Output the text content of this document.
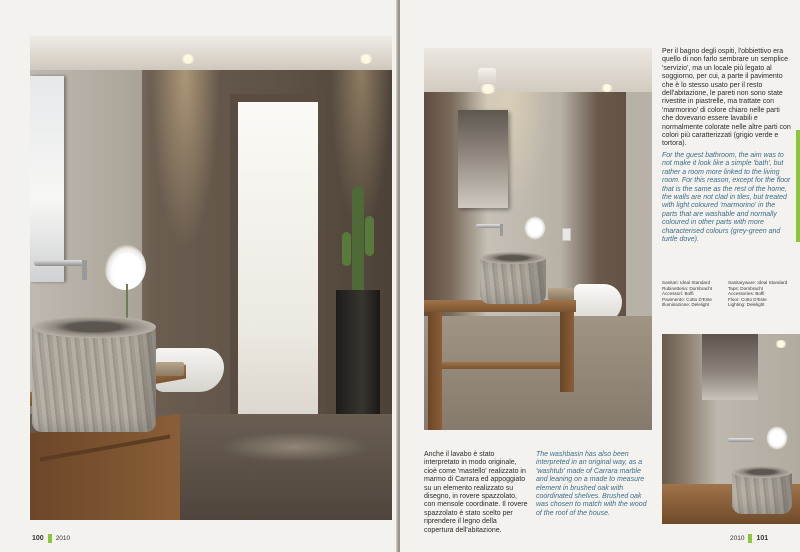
100 2010
Per il bagno degli ospiti, l'obbiettivo era quello di non farlo sembrare un semplice 'servizio', ma un locale più legato al soggiorno, per cui, a parte il pavimento che è lo stesso usato per il resto dell'abitazione, le pareti non sono state rivestite in piastrelle, ma trattate con 'marmorino' di colore chiaro nelle parti che dovevano essere lavabili e normalmente colorate nelle altre parti con colori più caratterizzati (grigio verde e tortora).
For the guest bathroom, the aim was to not make it look like a simple 'bath', but rather a room more linked to the living room. For this reason, except for the floor that is the same as the rest of the home, the walls are not clad in tiles, but treated with light coloured 'marmorino' in the parts that are washable and normally coloured in other parts with more characterised colours (grey-green and turtle dove).
Sanitari: Ideal Standard
Rubinetteria: Dornbracht
Accessori: Boffi
Pavimento: Cotto D'Este
Illuminazione: Delelight
Sanitaryware: Ideal Standard
Taps: Dornbracht
Accessories: Boffi
Floor: Cotto D'Este
Lighting: Delelight
Anche il lavabo è stato interpretato in modo originale, cioè come 'mastello' realizzato in marmo di Carrara ed appoggiato su un elemento realizzato su disegno, in rovere spazzolato, con mensole coordinate. Il rovere spazzolato è stato scelto per riprendere il legno della copertura dell'abitazione.
The washbasin has also been interpreted in an original way, as a 'washtub' made of Carrara marble and leaning on a made to measure element in brushed oak with coordinated shelves. Brushed oak was chosen to match with the wood of the roof of the house.
2010 101
